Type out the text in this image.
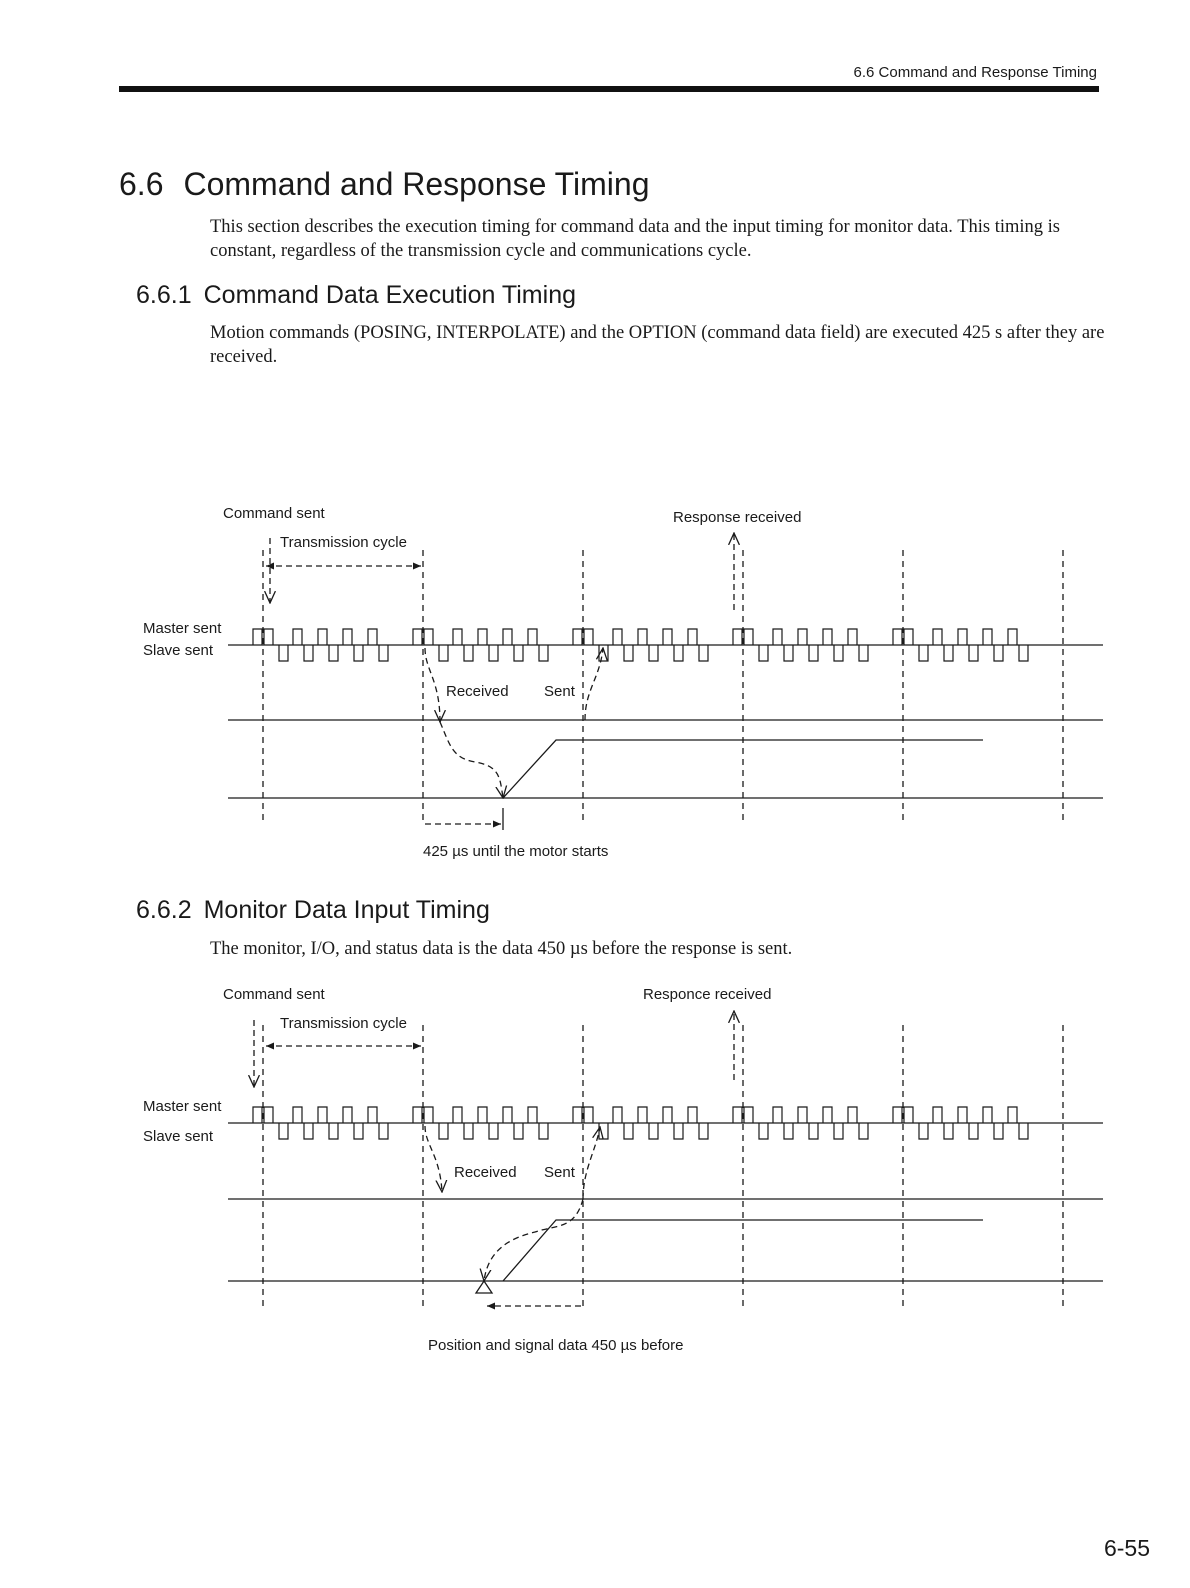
6.6 Command and Response Timing
6.6 Command and Response Timing

This section describes the execution timing for command data and the input timing for monitor data. This timing is constant, regardless of the transmission cycle and communications cycle.

6.6.1 Command Data Execution Timing

Motion commands (POSING, INTERPOLATE) and the OPTION (command data field) are executed 425 s after they are received.

Command sent
Transmission cycle
Response received
Master sent
Slave sent
Received Sent
425 µs until the motor starts
6.6.2 Monitor Data Input Timing

The monitor, I/O, and status data is the data 450 µs before the response is sent.

Command sent
Transmission cycle
Responce received
Master sent
Slave sent
Received Sent
Position and signal data 450 µs before
6-55
